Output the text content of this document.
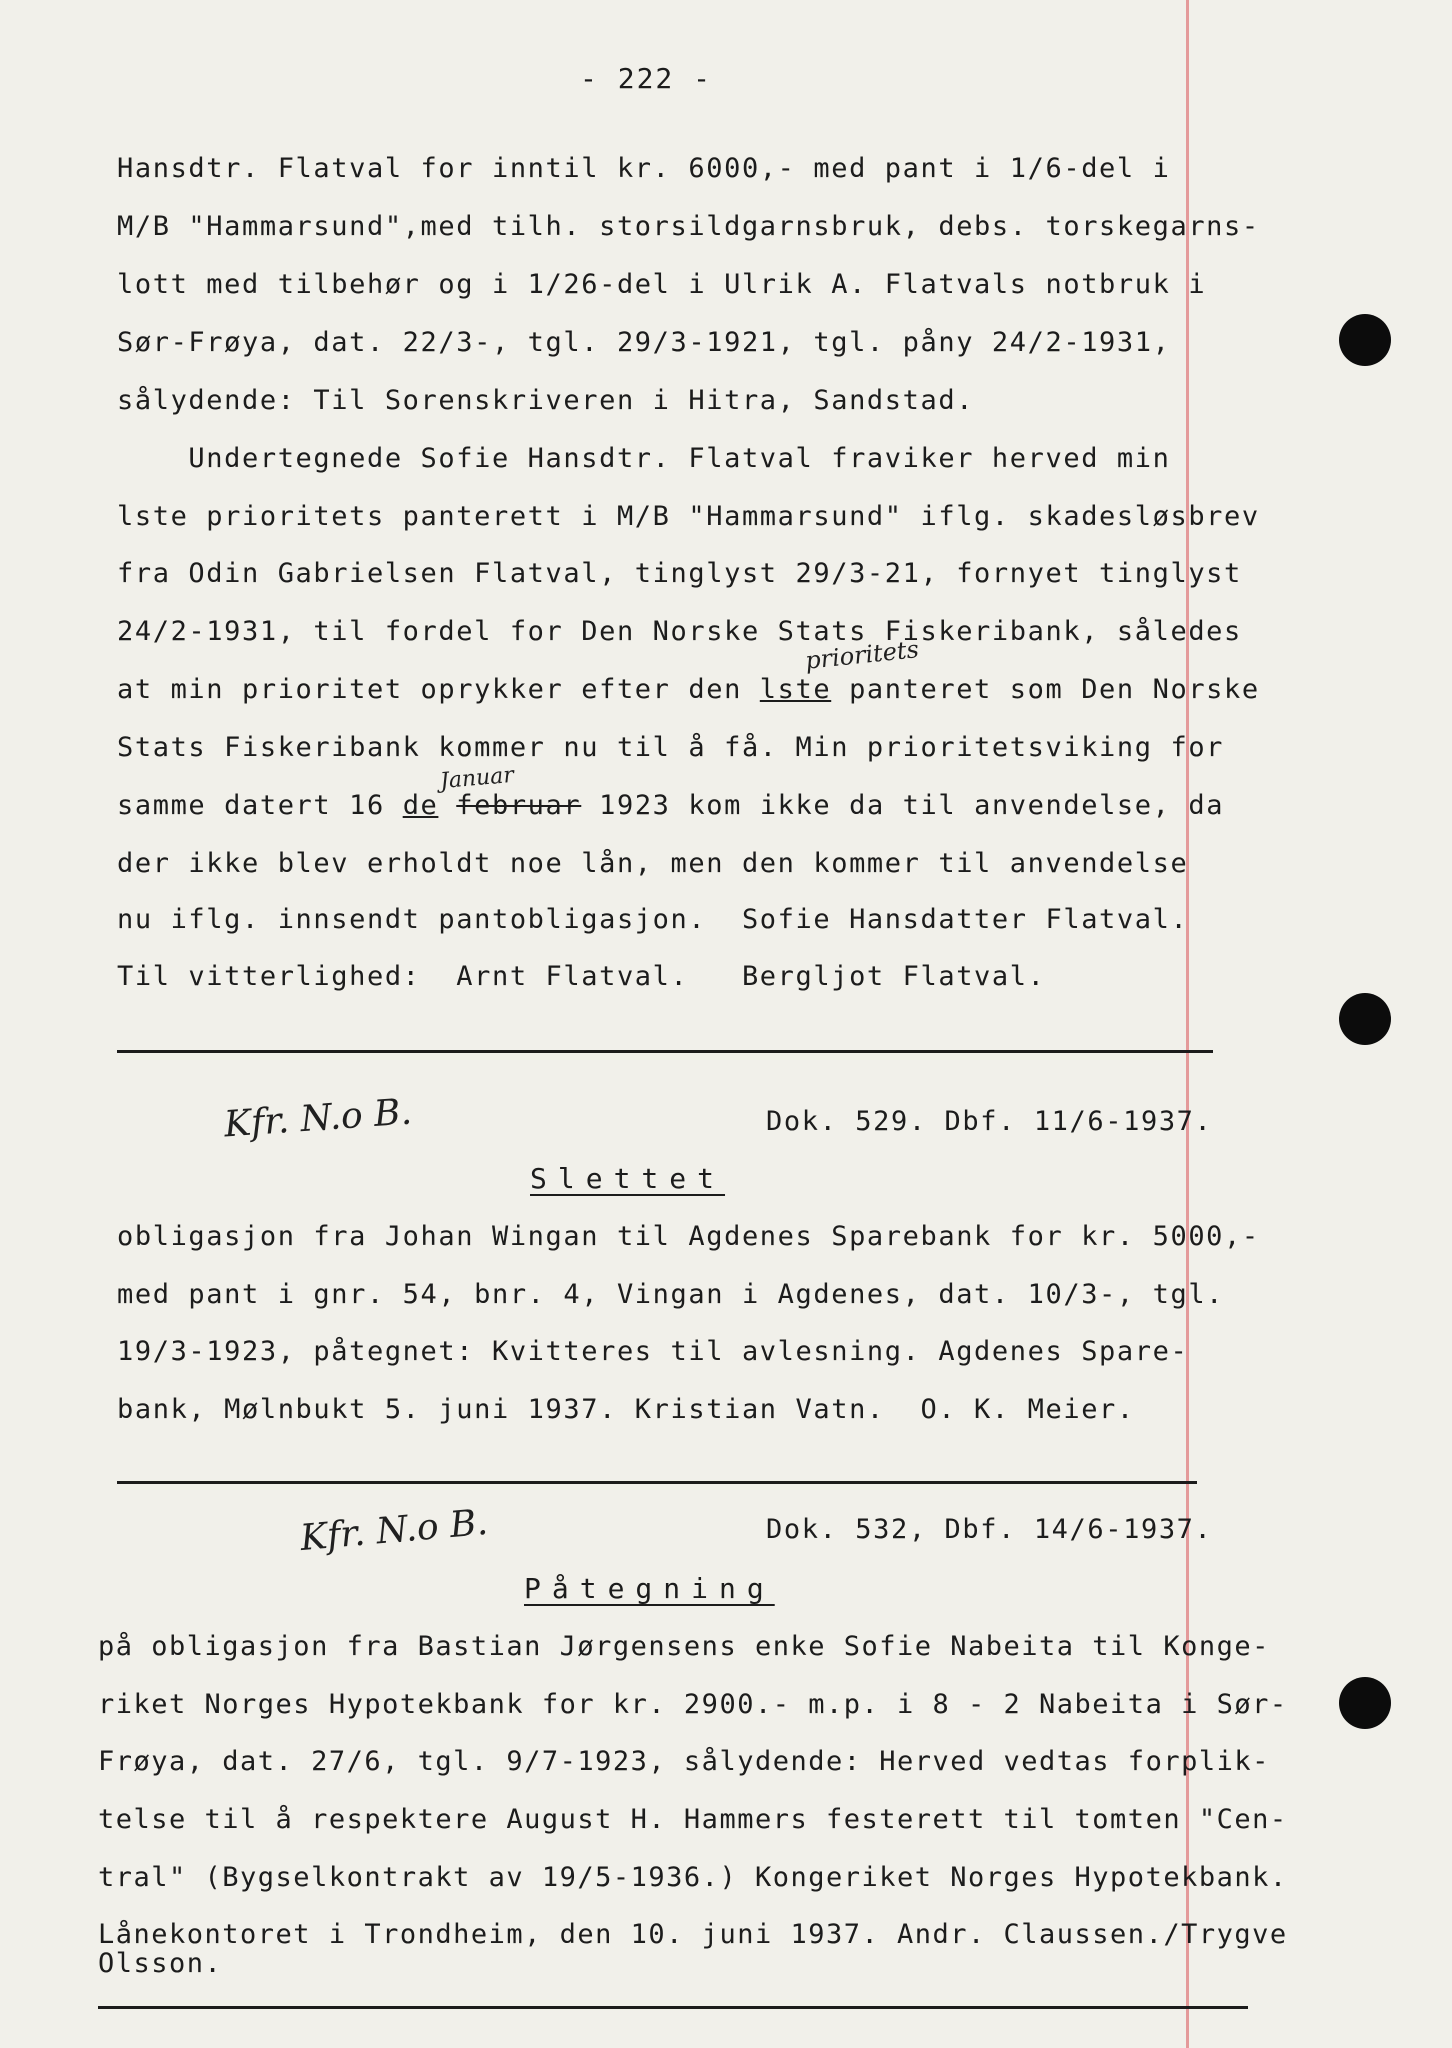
- 222 -
Hansdtr. Flatval for inntil kr. 6000,- med pant i 1/6-del i
M/B "Hammarsund",med tilh. storsildgarnsbruk, debs. torskegarns-
lott med tilbehør og i 1/26-del i Ulrik A. Flatvals notbruk i
Sør-Frøya, dat. 22/3-, tgl. 29/3-1921, tgl. påny 24/2-1931,
sålydende: Til Sorenskriveren i Hitra, Sandstad.
Undertegnede Sofie Hansdtr. Flatval fraviker herved min
lste prioritets panterett i M/B "Hammarsund" iflg. skadesløsbrev
fra Odin Gabrielsen Flatval, tinglyst 29/3-21, fornyet tinglyst
24/2-1931, til fordel for Den Norske Stats Fiskeribank, således
prioritets
at min prioritet oprykker efter den lste panteret som Den Norske
Stats Fiskeribank kommer nu til å få. Min prioritetsviking for
Januar
samme datert 16 de februar 1923 kom ikke da til anvendelse, da
der ikke blev erholdt noe lån, men den kommer til anvendelse
nu iflg. innsendt pantobligasjon.  Sofie Hansdatter Flatval.
Til vitterlighed:  Arnt Flatval.   Bergljot Flatval.
Kfr. N.o B.	Dok. 529. Dbf. 11/6-1937.
Slettet
obligasjon fra Johan Wingan til Agdenes Sparebank for kr. 5000,-
med pant i gnr. 54, bnr. 4, Vingan i Agdenes, dat. 10/3-, tgl.
19/3-1923, påtegnet: Kvitteres til avlesning. Agdenes Spare-
bank, Mølnbukt 5. juni 1937. Kristian Vatn.  O. K. Meier.
Kfr. N.o B.	Dok. 532, Dbf. 14/6-1937.
Påtegning
på obligasjon fra Bastian Jørgensens enke Sofie Nabeita til Konge-
riket Norges Hypotekbank for kr. 2900.- m.p. i 8 - 2 Nabeita i Sør-
Frøya, dat. 27/6, tgl. 9/7-1923, sålydende: Herved vedtas forplik-
telse til å respektere August H. Hammers festerett til tomten "Cen-
tral" (Bygselkontrakt av 19/5-1936.) Kongeriket Norges Hypotekbank.
Lånekontoret i Trondheim, den 10. juni 1937. Andr. Claussen./Trygve
Olsson.
